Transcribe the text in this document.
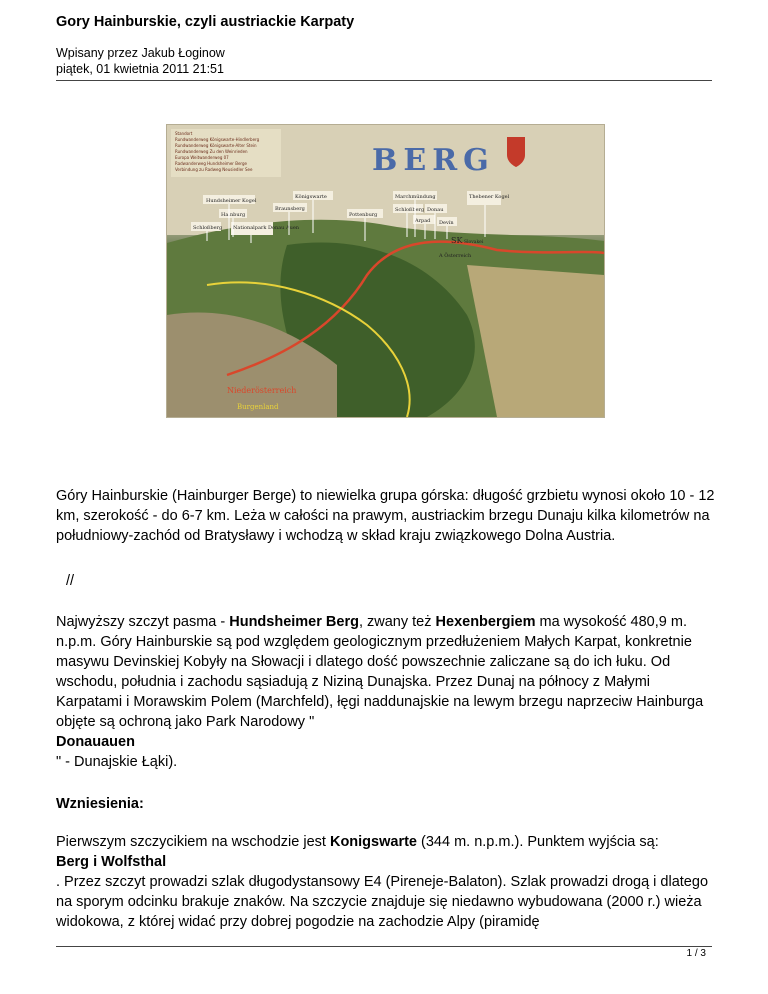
Gory Hainburskie, czyli austriackie Karpaty
Wpisany przez Jakub Łoginow
piątek, 01 kwietnia 2011 21:51
Standort
Rundwanderweg Königswarte-Hindlerberg
Rundwanderweg Königswarte-Alter Stein
Rundwanderweg Zu den Weinrieden
Europa Weitwanderweg 07
Radwanderweg Hundsheimer Berge
Verbindung zu Radweg Neusiedler See	BERG
Hundsheimer Kogel
Hainburg
Schloßberg Nationalpark Donau Auen
Braunsberg
Königswarte
Pottenburg
Marchmündung
Schloßberg Donau
Arpad Devín
Thebener Kogel
SK Slovakei
A Österreich
Niederösterreich
Burgenland
Góry Hainburskie (Hainburger Berge) to niewielka grupa górska: długość grzbietu wynosi około 10 - 12 km, szerokość - do 6-7 km. Leża w całości na prawym, austriackim brzegu Dunaju kilka kilometrów na południowy-zachód od Bratysławy i wchodzą w skład kraju związkowego Dolna Austria.
//
Najwyższy szczyt pasma - Hundsheimer Berg, zwany też Hexenbergiem ma wysokość 480,9 m. n.p.m. Góry Hainburskie są pod względem geologicznym przedłużeniem Małych Karpat, konkretnie masywu Devinskiej Kobyły na Słowacji i dlatego dość powszechnie zaliczane są do ich łuku. Od wschodu, południa i zachodu sąsiadują z Niziną Dunajska. Przez Dunaj na północy z Małymi Karpatami i Morawskim Polem (Marchfeld), łęgi naddunajskie na lewym brzegu naprzeciw Hainburga objęte są ochroną jako Park Narodowy "
Donauauen
" - Dunajskie Łąki).
Wzniesienia:
Pierwszym szczycikiem na wschodzie jest Konigswarte (344 m. n.p.m.). Punktem wyjścia są:
Berg i Wolfsthal
. Przez szczyt prowadzi szlak długodystansowy E4 (Pireneje-Balaton). Szlak prowadzi drogą i dlatego na sporym odcinku brakuje znaków. Na szczycie znajduje się niedawno wybudowana (2000 r.) wieża widokowa, z której widać przy dobrej pogodzie na zachodzie Alpy (piramidę
1 / 3
